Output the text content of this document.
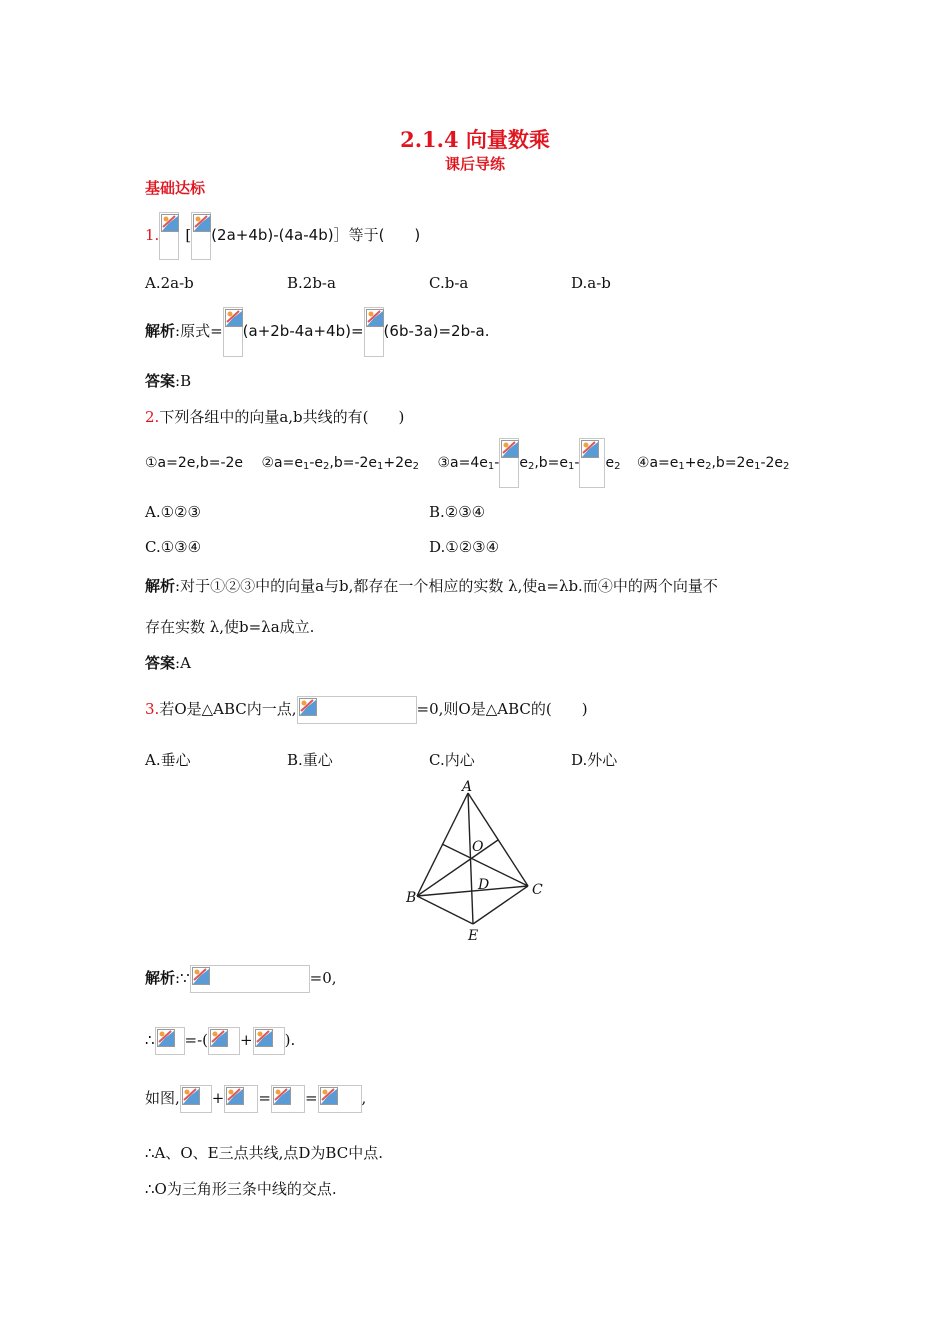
2.1.4 向量数乘
课后导练
基础达标
1. [ (2a+4b)-(4a-4b)］等于(　　)
A.2a-b	B.2b-a	C.b-a	D.a-b
解析:原式= (a+2b-4a+4b)= (6b-3a)=2b-a.
答案:B
2.下列各组中的向量a,b共线的有(　　)
①a=2e,b=-2e $②a=e_1-e_2,b=-2e_1+2e_2$ $③a=4e_1-$ $e_2,b=e_1-$ $e_2$ $④a=e_1+e_2,b=2e_1-2e_2$
A.①②③	B.②③④
C.①③④	D.①②③④
解析:对于①②③中的向量a与b,都存在一个相应的实数 λ,使a=λb.而④中的两个向量不
存在实数 λ,使b=λa成立.
答案:A
3.若O是△ABC内一点,	=0,则O是△ABC的(　　)
A.垂心	B.重心	C.内心	D.外心
A
O
D
B	C
E
解析:∵	=0,
∴ =-( + ).
如图, + = =	,
∴A、O、E三点共线,点D为BC中点.
∴O为三角形三条中线的交点.
